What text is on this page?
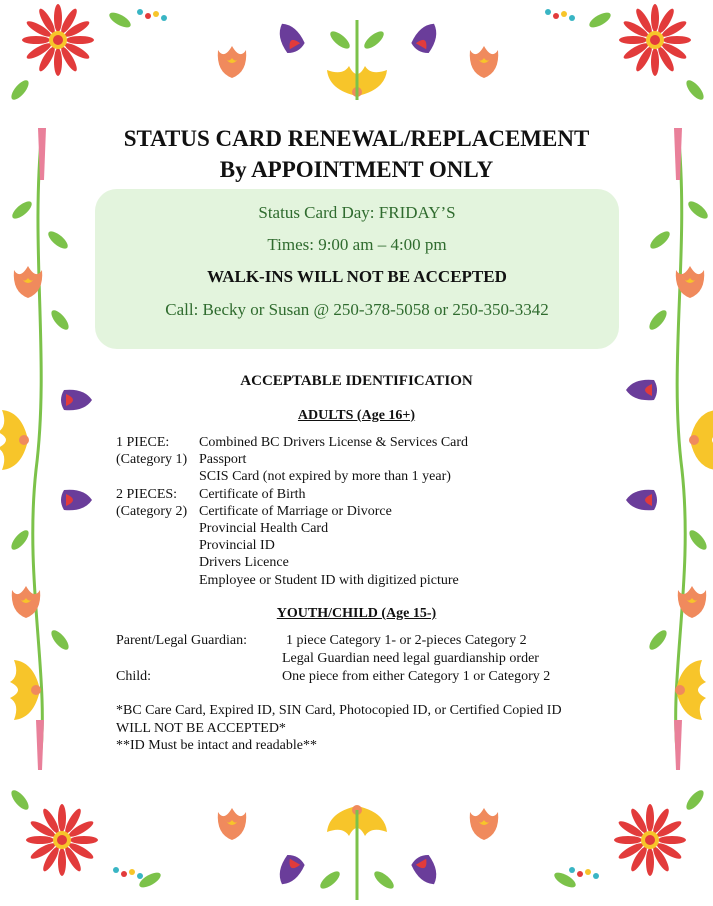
STATUS CARD RENEWAL/REPLACEMENT
By APPOINTMENT ONLY
Status Card Day: FRIDAY’S
Times: 9:00 am – 4:00 pm
WALK-INS WILL NOT BE ACCEPTED
Call: Becky or Susan @ 250-378-5058 or 250-350-3342
ACCEPTABLE IDENTIFICATION
ADULTS (Age 16+)
1 PIECE:
(Category 1)
2 PIECES:
(Category 2)
Combined BC Drivers License & Services Card
Passport
SCIS Card (not expired by more than 1 year)
Certificate of Birth
Certificate of Marriage or Divorce
Provincial Health Card
Provincial ID
Drivers Licence
Employee or Student ID with digitized picture
YOUTH/CHILD (Age 15-)
Parent/Legal Guardian:
Child:
1 piece Category 1- or 2-pieces Category 2
Legal Guardian need legal guardianship order
One piece from either Category 1 or Category 2
*BC Care Card, Expired ID, SIN Card, Photocopied ID, or Certified Copied ID
WILL NOT BE ACCEPTED*
**ID Must be intact and readable**
